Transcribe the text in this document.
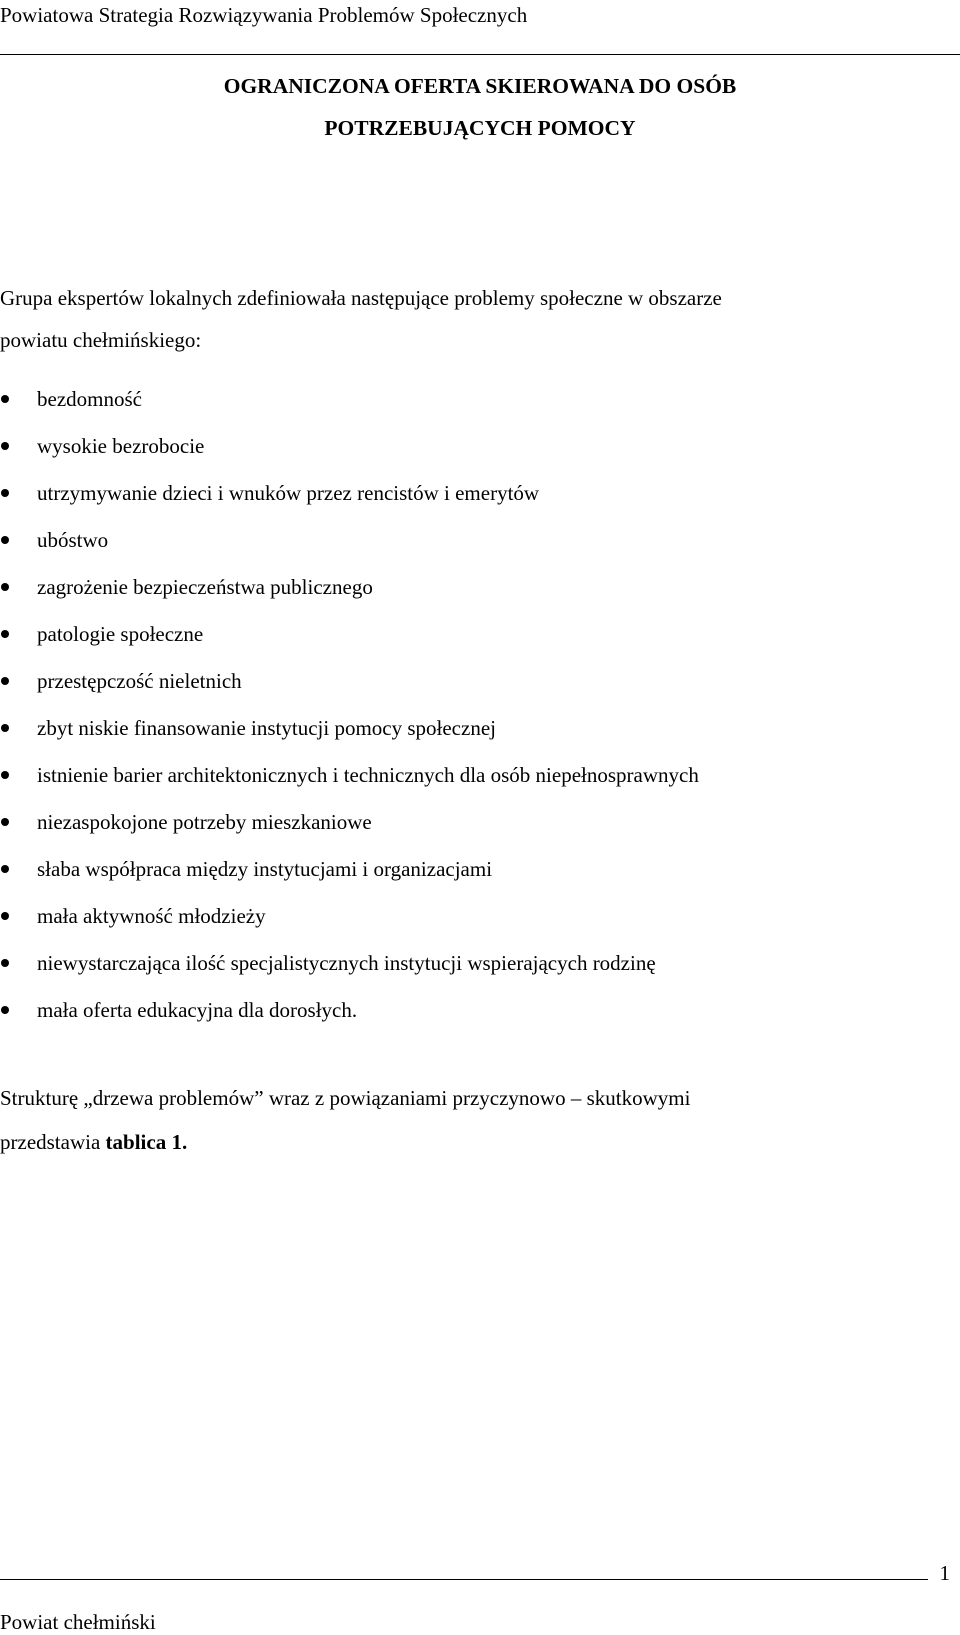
Powiatowa Strategia Rozwiązywania Problemów Społecznych
OGRANICZONA OFERTA SKIEROWANA DO OSÓB
POTRZEBUJĄCYCH POMOCY
Grupa ekspertów lokalnych zdefiniowała następujące problemy społeczne w obszarze
powiatu chełmińskiego:
bezdomność
wysokie bezrobocie
utrzymywanie dzieci i wnuków przez rencistów i emerytów
ubóstwo
zagrożenie bezpieczeństwa publicznego
patologie społeczne
przestępczość nieletnich
zbyt niskie finansowanie instytucji pomocy społecznej
istnienie barier architektonicznych i technicznych dla osób niepełnosprawnych
niezaspokojone potrzeby mieszkaniowe
słaba współpraca między instytucjami i organizacjami
mała aktywność młodzieży
niewystarczająca ilość specjalistycznych instytucji wspierających rodzinę
mała oferta edukacyjna dla dorosłych.
Strukturę „drzewa problemów” wraz z powiązaniami przyczynowo – skutkowymi
przedstawia tablica 1.
1
Powiat chełmiński
